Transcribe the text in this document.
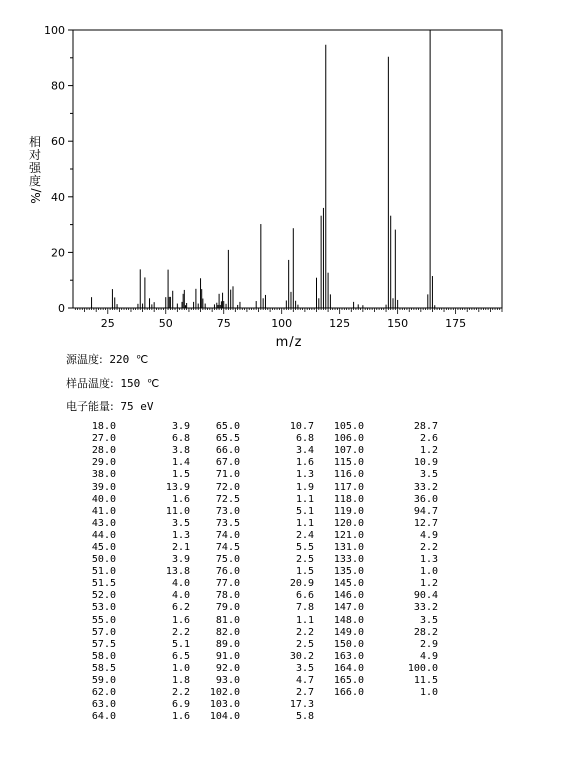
0
20
40
60
80
100
25	50	75	100	125	150	175
m/z
%/
相
对
强
度
源温度: 220 ℃
样品温度: 150 ℃
电子能量: 75 eV
18.0	3.9	65.0	10.7	105.0	28.7
27.0	6.8	65.5	6.8	106.0	2.6
28.0	3.8	66.0	3.4	107.0	1.2
29.0	1.4	67.0	1.6	115.0	10.9
38.0	1.5	71.0	1.3	116.0	3.5
39.0	13.9	72.0	1.9	117.0	33.2
40.0	1.6	72.5	1.1	118.0	36.0
41.0	11.0	73.0	5.1	119.0	94.7
43.0	3.5	73.5	1.1	120.0	12.7
44.0	1.3	74.0	2.4	121.0	4.9
45.0	2.1	74.5	5.5	131.0	2.2
50.0	3.9	75.0	2.5	133.0	1.3
51.0	13.8	76.0	1.5	135.0	1.0
51.5	4.0	77.0	20.9	145.0	1.2
52.0	4.0	78.0	6.6	146.0	90.4
53.0	6.2	79.0	7.8	147.0	33.2
55.0	1.6	81.0	1.1	148.0	3.5
57.0	2.2	82.0	2.2	149.0	28.2
57.5	5.1	89.0	2.5	150.0	2.9
58.0	6.5	91.0	30.2	163.0	4.9
58.5	1.0	92.0	3.5	164.0	100.0
59.0	1.8	93.0	4.7	165.0	11.5
62.0	2.2	102.0	2.7	166.0	1.0
63.0	6.9	103.0	17.3		
64.0	1.6	104.0	5.8		
